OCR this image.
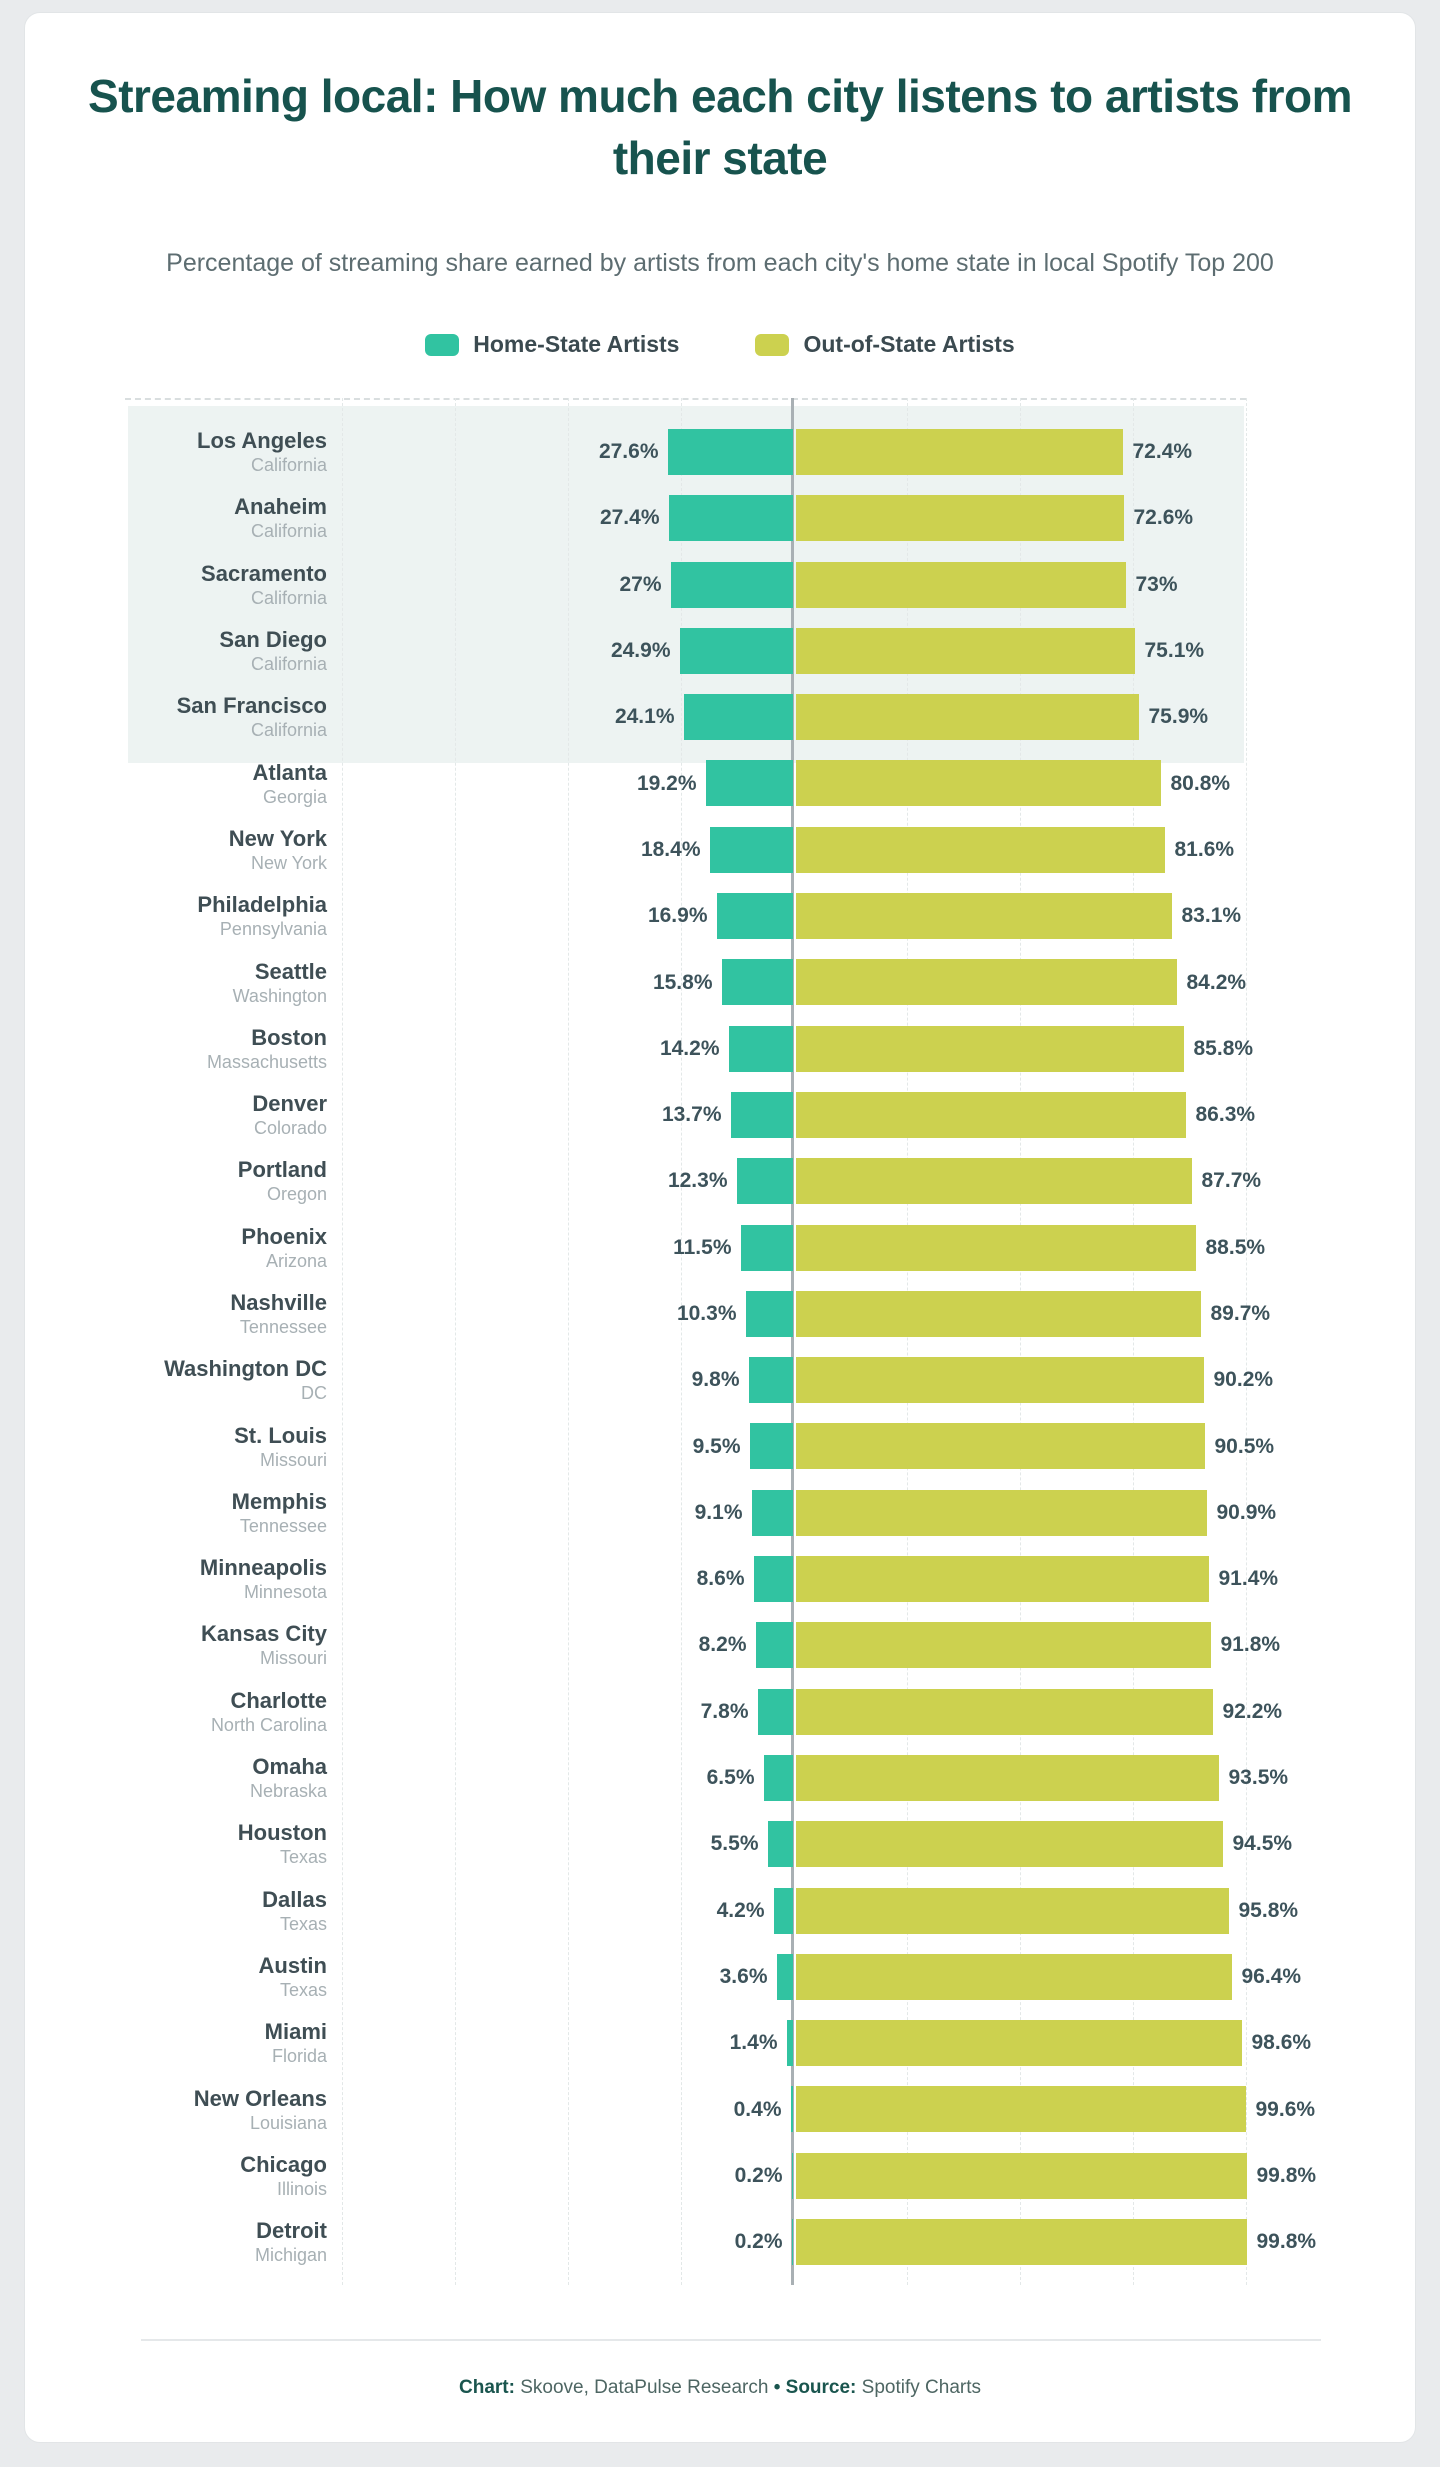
Streaming local: How much each city listens to artists from their state

Percentage of streaming share earned by artists from each city's home state in local Spotify Top 200

Home-State Artists	Out-of-State Artists
Los Angeles
California
27.6%	72.4%
Anaheim
California
27.4%	72.6%
Sacramento
California
27%	73%
San Diego
California
24.9%	75.1%
San Francisco
California
24.1%	75.9%
Atlanta
Georgia
19.2%	80.8%
New York
New York
18.4%	81.6%
Philadelphia
Pennsylvania
16.9%	83.1%
Seattle
Washington
15.8%	84.2%
Boston
Massachusetts
14.2%	85.8%
Denver
Colorado
13.7%	86.3%
Portland
Oregon
12.3%	87.7%
Phoenix
Arizona
11.5%	88.5%
Nashville
Tennessee
10.3%	89.7%
Washington DC
DC
9.8%	90.2%
St. Louis
Missouri
9.5%	90.5%
Memphis
Tennessee
9.1%	90.9%
Minneapolis
Minnesota
8.6%	91.4%
Kansas City
Missouri
8.2%	91.8%
Charlotte
North Carolina
7.8%	92.2%
Omaha
Nebraska
6.5%	93.5%
Houston
Texas
5.5%	94.5%
Dallas
Texas
4.2%	95.8%
Austin
Texas
3.6%	96.4%
Miami
Florida
1.4%	98.6%
New Orleans
Louisiana
0.4%	99.6%
Chicago
Illinois
0.2%	99.8%
Detroit
Michigan
0.2%	99.8%
Chart: Skoove, DataPulse Research • Source: Spotify Charts
